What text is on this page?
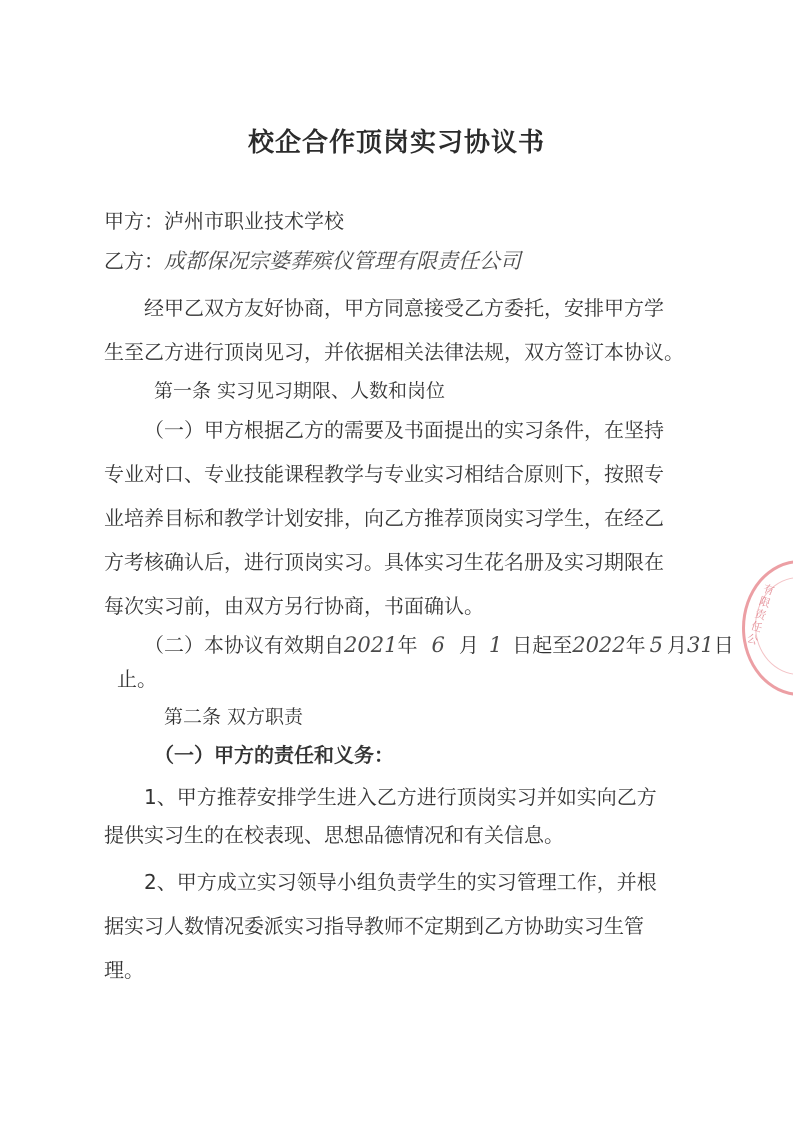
校企合作顶岗实习协议书
甲方：泸州市职业技术学校
乙方：成都保况宗婆葬殡仪管理有限责任公司
经甲乙双方友好协商，甲方同意接受乙方委托，安排甲方学
生至乙方进行顶岗见习，并依据相关法律法规，双方签订本协议。
第一条 实习见习期限、人数和岗位
（一）甲方根据乙方的需要及书面提出的实习条件，在坚持
专业对口、专业技能课程教学与专业实习相结合原则下，按照专
业培养目标和教学计划安排，向乙方推荐顶岗实习学生，在经乙
方考核确认后，进行顶岗实习。具体实习生花名册及实习期限在
每次实习前，由双方另行协商，书面确认。
（二）本协议有效期自2021年 6 月 1 日起至2022年 5 月31日
止。
第二条 双方职责
（一）甲方的责任和义务：
1、甲方推荐安排学生进入乙方进行顶岗实习并如实向乙方
提供实习生的在校表现、思想品德情况和有关信息。
2、甲方成立实习领导小组负责学生的实习管理工作，并根
据实习人数情况委派实习指导教师不定期到乙方协助实习生管
理。
有限责任公
